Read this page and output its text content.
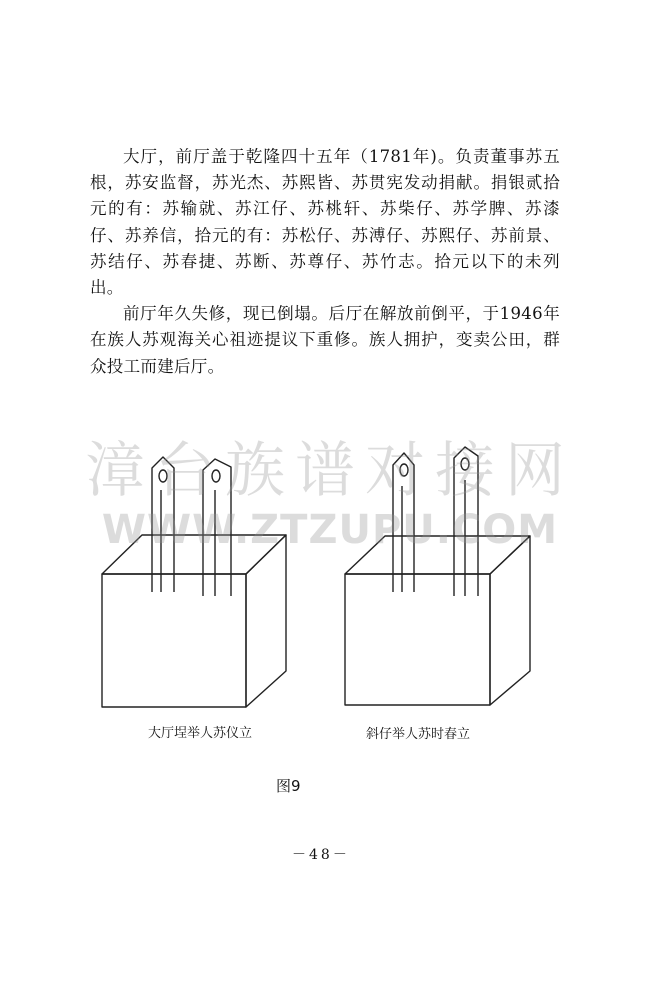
大厅，前厅盖于乾隆四十五年（1781年)。负责董事苏五根，苏安监督，苏光杰、苏熙皆、苏贯宪发动捐献。捐银贰拾元的有：苏输就、苏江仔、苏桃轩、苏柴仔、苏学脾、苏漆仔、苏养信，拾元的有：苏松仔、苏溥仔、苏熙仔、苏前景、苏结仔、苏春捷、苏断、苏尊仔、苏竹志。拾元以下的未列出。

前厅年久失修，现已倒塌。后厅在解放前倒平，于1946年在族人苏观海关心祖迹提议下重修。族人拥护，变卖公田，群众投工而建后厅。

大厅埕举人苏仪立	斜仔举人苏时春立
漳台族谱对接网
WWW.ZTZUPU.COM
图9
－48－
